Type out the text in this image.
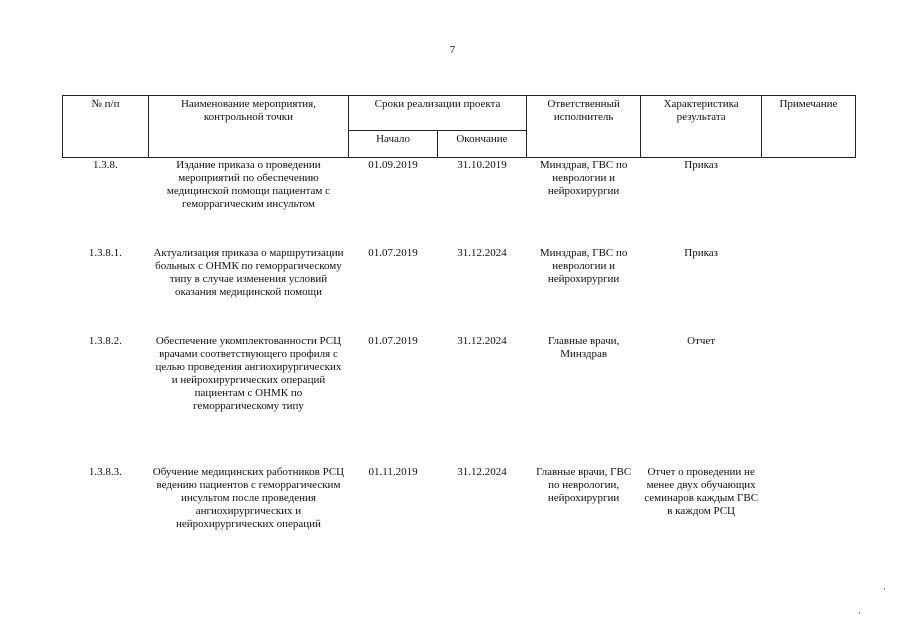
7
№ п/п	Наименование мероприятия, контрольной точки	Сроки реализации проекта		Ответственный исполнитель	Характеристика результата	Примечание
		Начало	Окончание			
1.3.8.	Издание приказа о проведении мероприятий по обеспечению медицинской помощи пациентам с геморрагическим инсультом	01.09.2019	31.10.2019	Минздрав, ГВС по неврологии и нейрохирургии	Приказ	
1.3.8.1.	Актуализация приказа о маршрутизации больных с ОНМК по геморрагическому типу в случае изменения условий оказания медицинской помощи	01.07.2019	31.12.2024	Минздрав, ГВС по неврологии и нейрохирургии	Приказ	
1.3.8.2.	Обеспечение укомплектованности РСЦ врачами соответствующего профиля с целью проведения ангиохирургических и нейрохирургических операций пациентам с ОНМК по геморрагическому типу	01.07.2019	31.12.2024	Главные врачи, Минздрав	Отчет	
1.3.8.3.	Обучение медицинских работников РСЦ ведению пациентов с геморрагическим инсультом после проведения ангиохирургических и нейрохирургических операций	01.11.2019	31.12.2024	Главные врачи, ГВС по неврологии, нейрохирургии	Отчет о проведении не менее двух обучающих семинаров каждым ГВС в каждом РСЦ	
·
·
